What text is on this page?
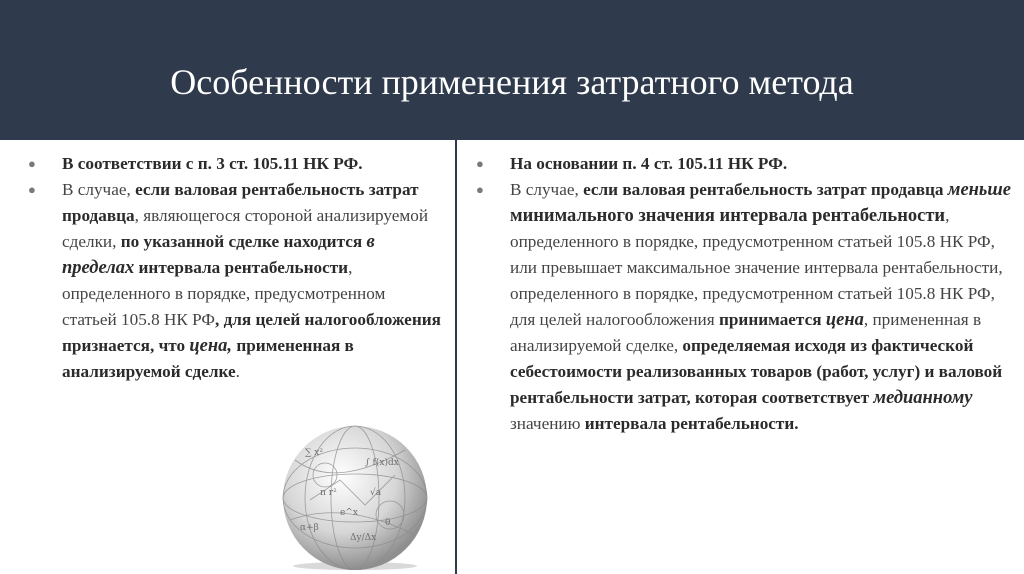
Особенности применения затратного метода
● В соответствии с п. 3 ст. 105.11 НК РФ.
● В случае, если валовая рентабельность затрат продавца, являющегося стороной анализируемой сделки, по указанной сделке находится в пределах интервала рентабельности, определенного в порядке, предусмотренном статьей 105.8 НК РФ, для целей налогообложения признается, что цена, примененная в анализируемой сделке.
∑ x²
∫ f(x)dx
π r²	√a
α+β
Δy/Δx
θ
e^x
● На основании п. 4 ст. 105.11 НК РФ.
● В случае, если валовая рентабельность затрат продавца меньше минимального значения интервала рентабельности, определенного в порядке, предусмотренном статьей 105.8 НК РФ, или превышает максимальное значение интервала рентабельности, определенного в порядке, предусмотренном статьей 105.8 НК РФ, для целей налогообложения принимается цена, примененная в анализируемой сделке, определяемая исходя из фактической себестоимости реализованных товаров (работ, услуг) и валовой рентабельности затрат, которая соответствует медианному значению интервала рентабельности.
